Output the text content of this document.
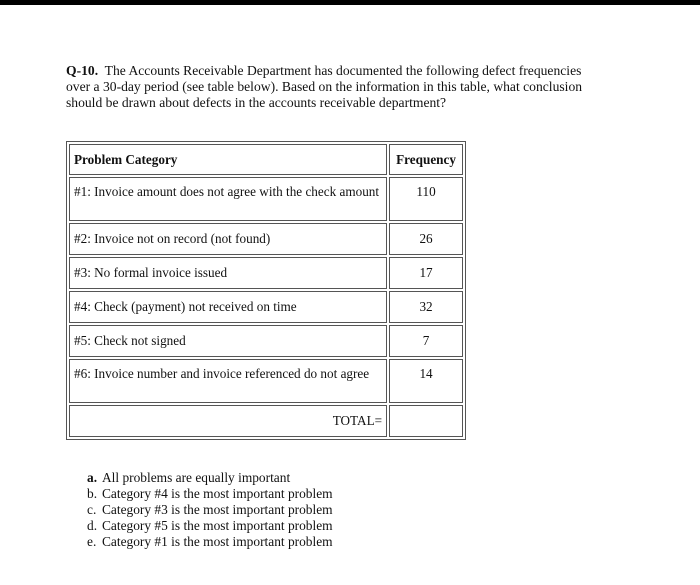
Q-10. The Accounts Receivable Department has documented the following defect frequencies
over a 30-day period (see table below). Based on the information in this table, what conclusion
should be drawn about defects in the accounts receivable department?
Problem Category	Frequency
#1: Invoice amount does not agree with the check amount	110
#2: Invoice not on record (not found)	26
#3: No formal invoice issued	17
#4: Check (payment) not received on time	32
#5: Check not signed	7
#6: Invoice number and invoice referenced do not agree	14
TOTAL=	
a. All problems are equally important
b. Category #4 is the most important problem
c. Category #3 is the most important problem
d. Category #5 is the most important problem
e. Category #1 is the most important problem
